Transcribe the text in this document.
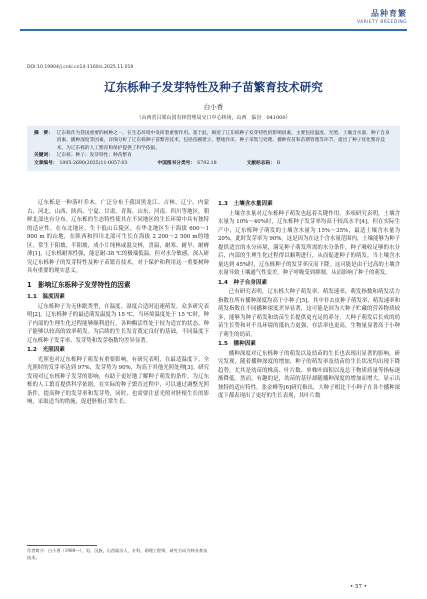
品种育繁
VARIETY BREEDING
DOI:10.19904/j.cnki.cn14-1160/s.2025.11.019
辽东栎种子发芽特性及种子苗繁育技术研究
白小香
（山西省吕梁山国有林管理局交口中心林场，山西　临汾　041000）
摘　要： 辽东栎作为我国重要的树种之一，在生态环境中发挥着重要作用。基于此，阐述了辽东栎种子发芽特性的影响因素，主要包括温度、光照、土壤含水量、种子自身因素、播种深度等因素，详细分析了辽东栎种子苗繁育技术，包括苗圃建立、整地作床、种子采集与处理、播种育苗和苗期管理等环节，提出了种子优化繁育技术，为辽东栎的人工繁育和保护提供了科学依据。
关键词： 辽东栎；种子；发芽特性；种苗繁育
文章编号： 1005-2690(2025)11-0057-03	中国图书分类号： S792.18	文献标志码： B

辽东栎是一种落叶乔木，广泛分布于我国黑龙江、吉林、辽宁、内蒙古、河北、山西、陕西、宁夏、甘肃、青海、山东、河南、四川等地区，朝鲜北部也有分布。辽东栎的生态特性使其在不同地区的生长环境中具有独特的适应性。在东北地区，生于低山丘陵区，在华北地区生于海拔 600～1 900 m 的山地，在陕西和四川北部可生长在海拔 2 200～2 500 m的地区，常生于阳坡、半阳坡，成小片纯林或混交林，喜温，耐寒、耐旱、耐瘠薄[1]。辽东栎耐寒性强，能忍耐-38 ℃的极端低温，但对水分敏感。深入研究辽东栎种子的发芽特性及种子苗繁育技术，对于保护和利用这一重要树种具有重要的现实意义。

1　影响辽东栎种子发芽特性的因素

1.1　温度因素

辽东栎种子为无休眠类型，在温度、湿度合适时迅速萌发。众多研究表明[2]，辽东栎种子的最适萌发温度为 15 ℃，当环境温度处于 15 ℃时，种子内部的生理生化过程能够顺利进行，各种酶活性处于较为适宜的状态，种子能够以较高的效率萌发。为后续的生长发育奠定良好的基础，不同温度下辽东栎种子发芽率、发芽势和发芽指数均差异显著。

1.2　光照因素

光照也对辽东栎种子萌发有重要影响。有研究表明，在最适温度下，全光照时的发芽率达到 97%，发芽势为 90%，均高于其他光照处理[3]。研究发现对辽东栎种子发芽的影响，有助于更好地了解种子萌发的条件，为辽东栎的人工繁育提供科学依据。在实际的种子繁育过程中，可以通过调整光照条件，提高种子的发芽率和发芽势，同时，也需要注意光照对胚根生长的影响，采取适当的措施，促进胚根正常生长。

1.3　土壤含水量因素

土壤含水量对辽东栎种子萌发也起着关键作用。多项研究表明，土壤含水量为 10%～40%时，辽东栎种子发芽率均高于较高水平[4]。但在实际生产中，辽东栎种子萌发的土壤含水量为 15%～35%，最适土壤含水量为 20%，此时发芽率为 90%。这是因为在这个含水量范围内，土壤能够为种子提供适宜的水分环境，满足种子萌发所需的水分条件。种子吸收足够的水分后，内部的生理生化过程得以顺利进行，从而促进种子的萌发。当土壤含水量达到 45%时，辽东栎种子的发芽率反而下降。这可能是由于过高的土壤含水量导致土壤通气性变差，种子呼吸受到抑制，从而影响了种子的萌发。

1.4　种子自身因素

已有研究表明，辽东栎大种子萌发率、萌发速率、萌发指数和萌发活力指数在所有播种深度均高于小种子[5]。其中非去皮种子萌发率、萌发速率和萌发指数在不同播种深度差异显著，这可能是因为大种子贮藏的营养物质较多，能够为种子萌发和幼苗生长提供更充足的养分。大种子萌发后长成的幼苗生长势和对不良环境的抵抗力更强，存活率也更高，生物量显著高于小种子萌生的幼苗。

1.5　播种因素

播种深度对辽东栎种子的萌发以及幼苗的生长也表现出显著的影响。研究发现，随着播种深度的增加，种子的萌发率及幼苗的生长状况均出现下降趋势，尤其是幼苗的株高、叶片数、单株叶面积以及总干物质质量等指标逐渐降低。然而，有趣的是，幼苗的基径却随播种深度的增加而增大，显示出独特的适应特性。张金峰等[6]研究指出，大种子相比于小种子在各个播种深度下都表现出了更好的生长表现，其叶片数

作者简介：白小香（1989—），男，汉族，山西临汾人，专科，助理工程师，研究方向为林业育苗技术。
• 57 •
